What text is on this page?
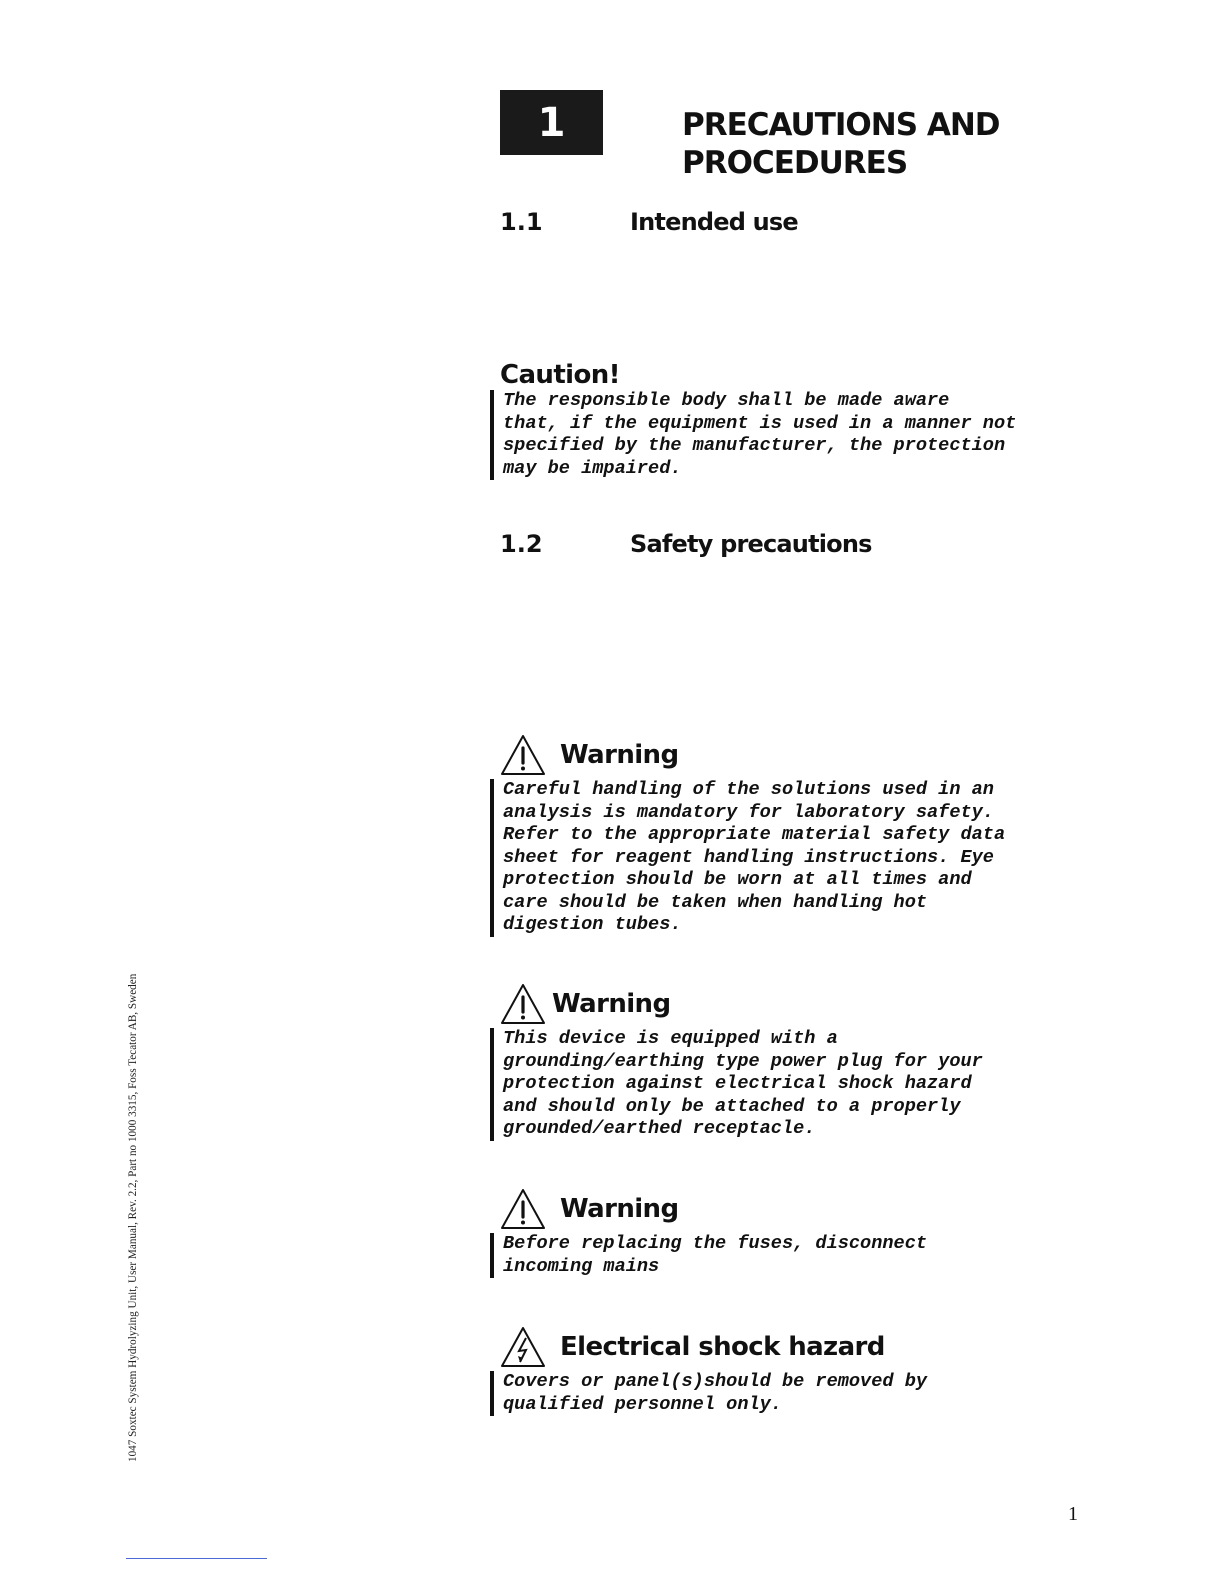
1	PRECAUTIONS AND
PROCEDURES
1.1	Intended use
Caution!

The responsible body shall be made aware
that, if the equipment is used in a manner not
specified by the manufacturer, the protection
may be impaired.

1.2	Safety precautions
Warning

Careful handling of the solutions used in an
analysis is mandatory for laboratory safety.
Refer to the appropriate material safety data
sheet for reagent handling instructions. Eye
protection should be worn at all times and
care should be taken when handling hot
digestion tubes.

Warning

This device is equipped with a
grounding/earthing type power plug for your
protection against electrical shock hazard
and should only be attached to a properly
grounded/earthed receptacle.

Warning

Before replacing the fuses, disconnect
incoming mains

Electrical shock hazard

Covers or panel(s)should be removed by
qualified personnel only.

1047 Soxtec System Hydrolyzing Unit, User Manual, Rev. 2.2, Part no 1000 3315, Foss Tecator AB, Sweden
1
